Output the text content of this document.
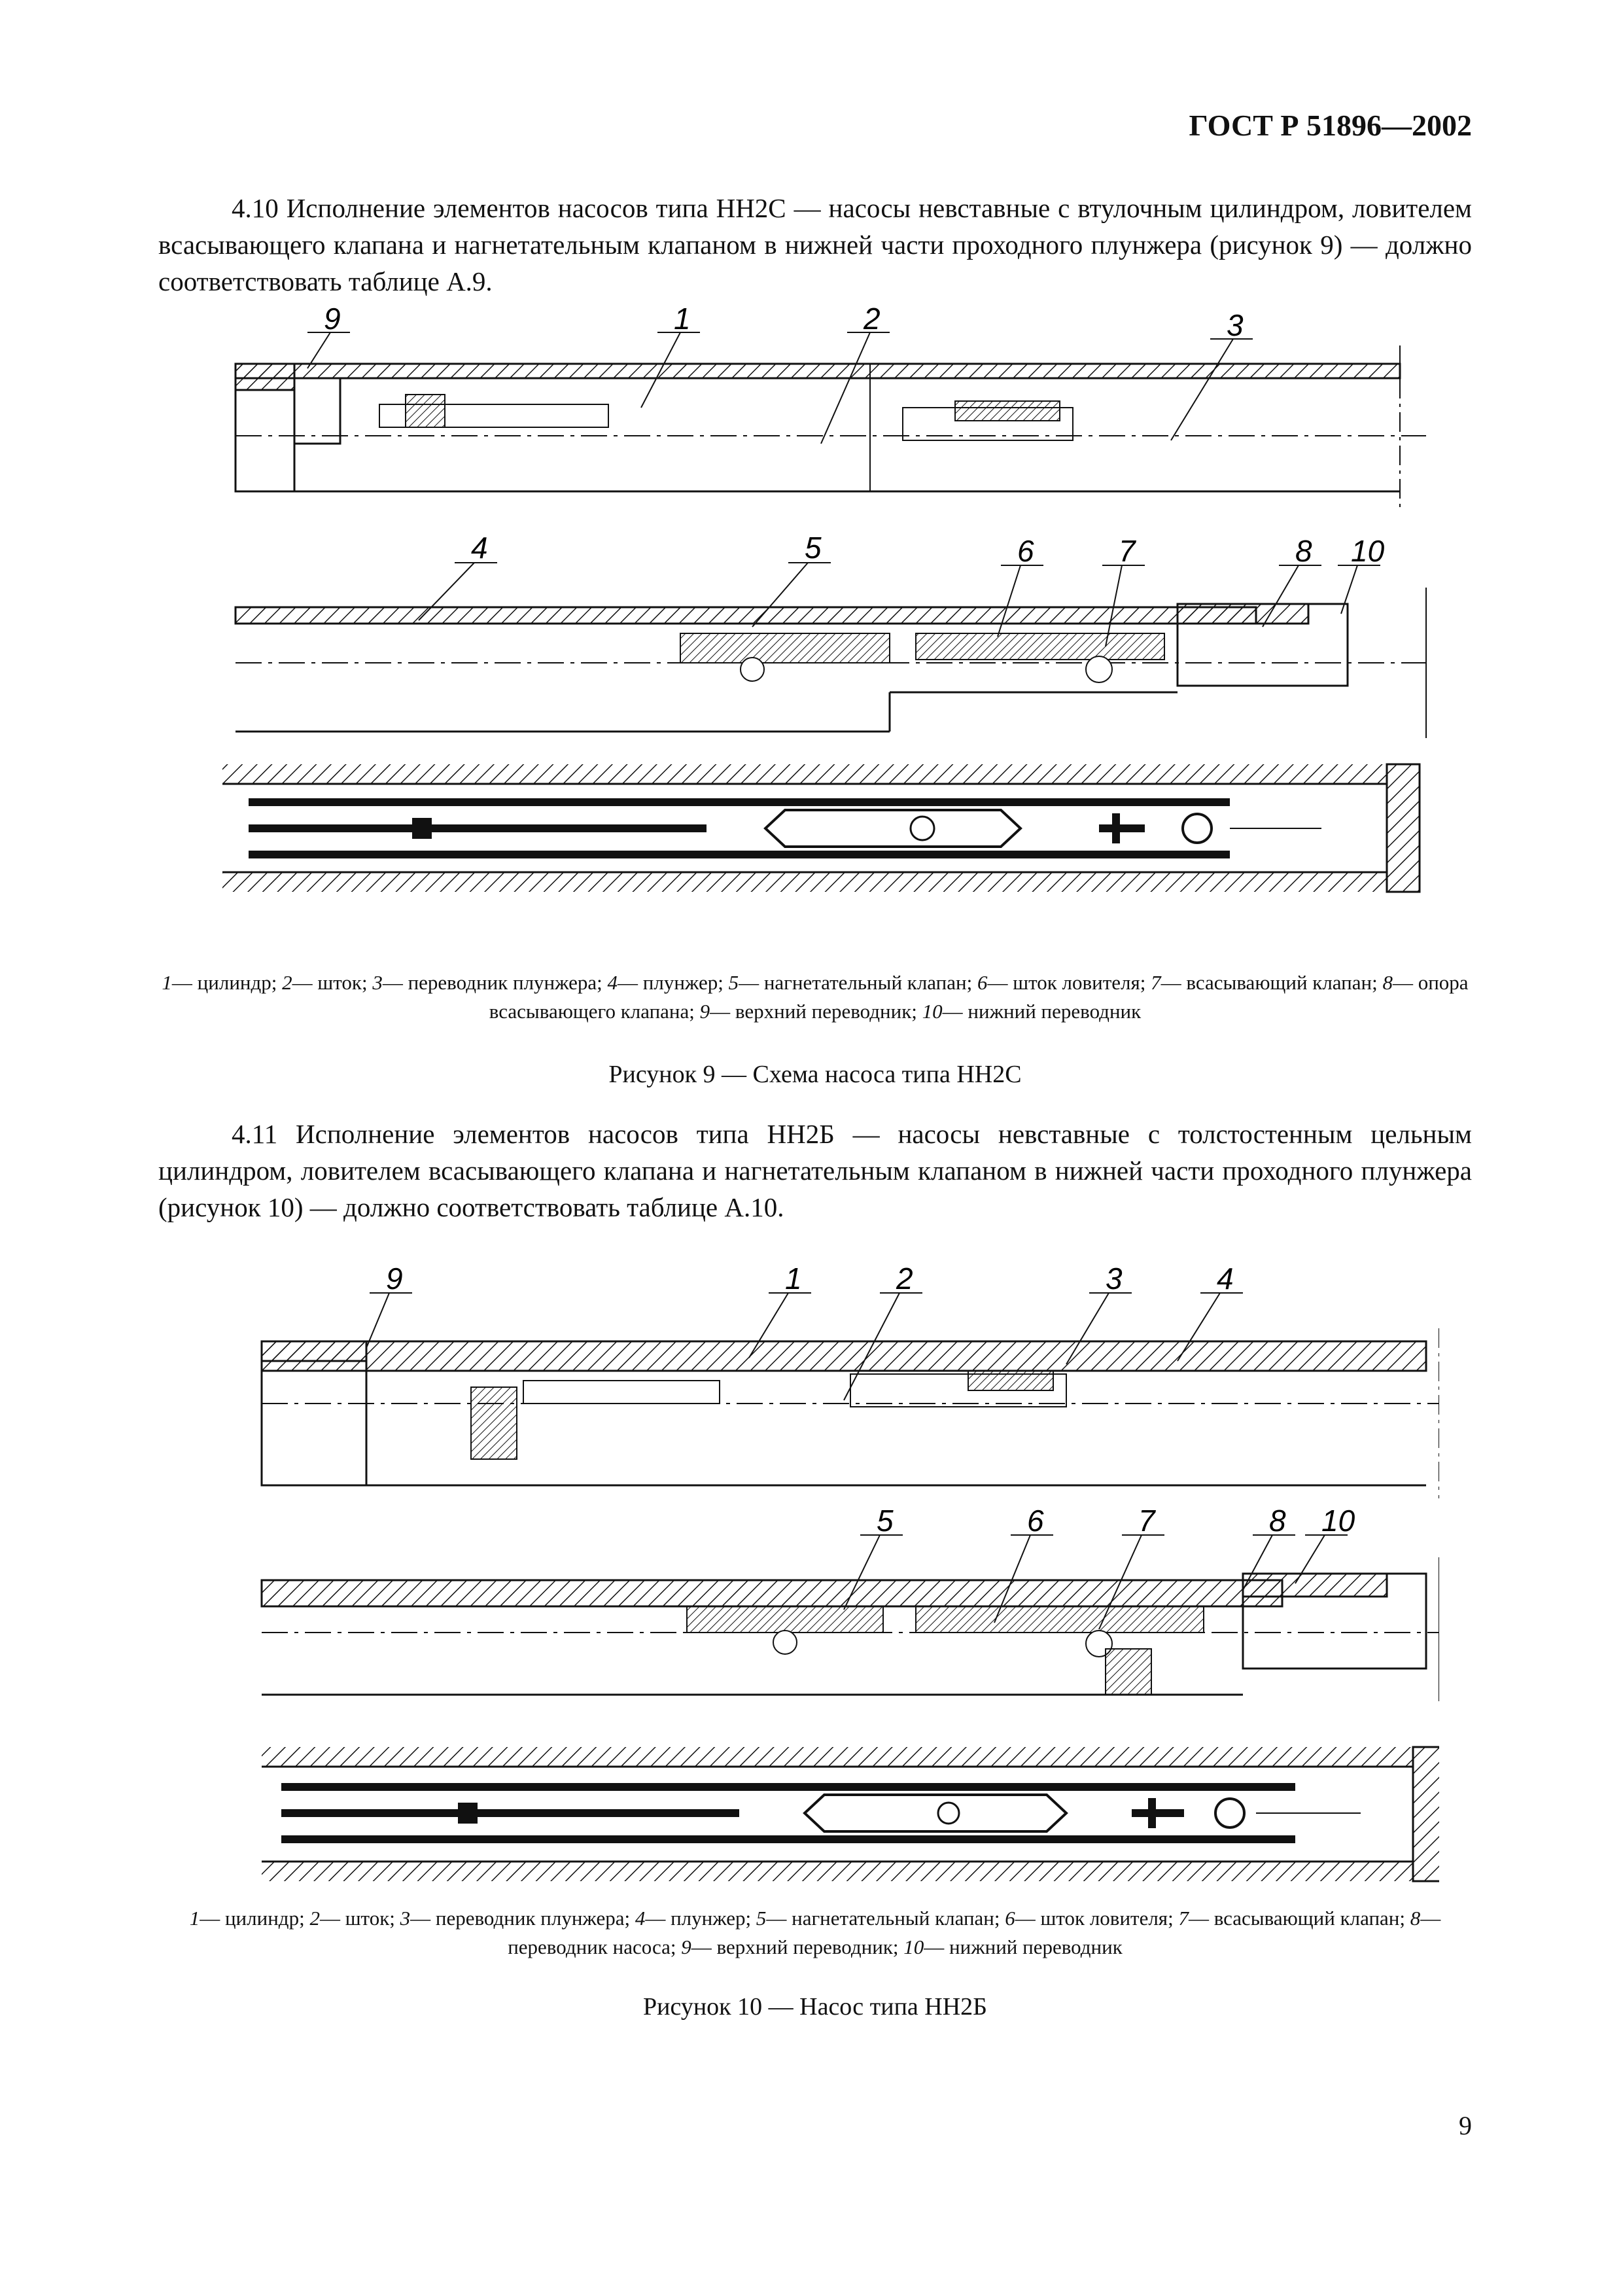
ГОСТ Р 51896—2002

4.10 Исполнение элементов насосов типа НН2С — насосы невставные с втулочным цилиндром, ловителем всасывающего клапана и нагнетательным клапаном в нижней части проходного плунжера (рисунок 9) — должно соответствовать таблице А.9.

9	1	2	3
4	5	6	7	8 10

1— цилиндр; 2— шток; 3— переводник плунжера; 4— плунжер; 5— нагнетательный клапан; 6— шток ловителя; 7— всасывающий клапан; 8— опора всасывающего клапана; 9— верхний переводник; 10— нижний переводник

Рисунок 9 — Схема насоса типа НН2С

4.11 Исполнение элементов насосов типа НН2Б — насосы невставные с толстостенным цельным цилиндром, ловителем всасывающего клапана и нагнетательным клапаном в нижней части проходного плунжера (рисунок 10) — должно соответствовать таблице А.10.

9	1	2	3	4
5	6	7	8 10

1— цилиндр; 2— шток; 3— переводник плунжера; 4— плунжер; 5— нагнетательный клапан; 6— шток ловителя; 7— всасывающий клапан; 8— переводник насоса; 9— верхний переводник; 10— нижний переводник

Рисунок 10 — Насос типа НН2Б
9
